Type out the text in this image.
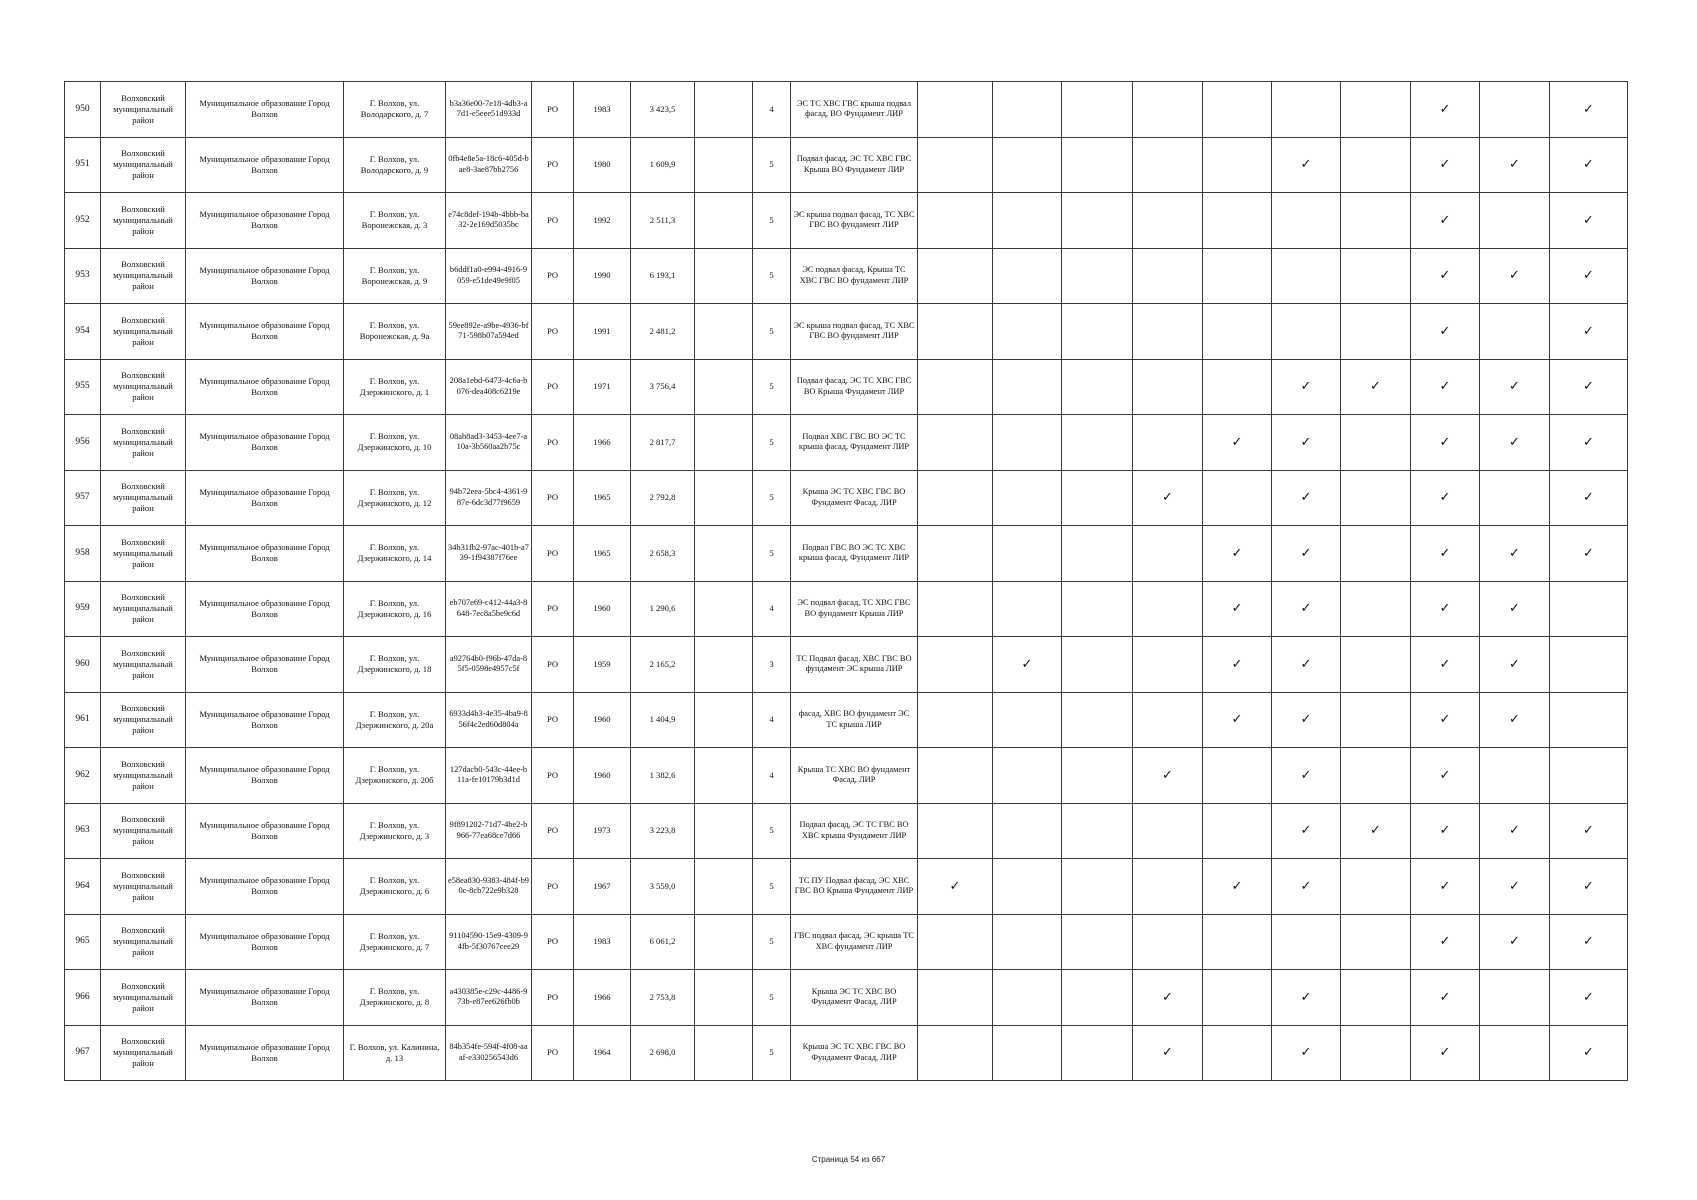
950	Волховский муниципальный район	Муниципальное образование Город Волхов	Г. Волхов, ул. Володарского, д. 7	b3a36e00-7e18-4db3-a7d1-e5eee51d933d	РО	1983	3 423,5		4	ЭС ТС ХВС ГВС крыша подвал фасад, ВО Фундамент ЛИР								✓		✓
951	Волховский муниципальный район	Муниципальное образование Город Волхов	Г. Волхов, ул. Володарского, д. 9	0fb4e8e5a-18c6-405d-bae8-3ae87bb2756	РО	1980	1 609,9		5	Подвал фасад, ЭС ТС ХВС ГВС Крыша ВО Фундамент ЛИР						✓		✓	✓	✓
952	Волховский муниципальный район	Муниципальное образование Город Волхов	Г. Волхов, ул. Воронежская, д. 3	e74c8def-194b-4bbb-ba32-2e169d5035bc	РО	1992	2 511,3		5	ЭС крыша подвал фасад, ТС ХВС ГВС ВО фундамент ЛИР								✓		✓
953	Волховский муниципальный район	Муниципальное образование Город Волхов	Г. Волхов, ул. Воронежская, д. 9	b6ddf1a0-e994-4916-9059-e51de49e9f05	РО	1990	6 193,1		5	ЭС подвал фасад, Крыша ТС ХВС ГВС ВО фундамент ЛИР								✓	✓	✓
954	Волховский муниципальный район	Муниципальное образование Город Волхов	Г. Волхов, ул. Воронежская, д. 9а	59ee892e-a9be-4936-bf71-598b07a594ed	РО	1991	2 481,2		5	ЭС крыша подвал фасад, ТС ХВС ГВС ВО фундамент ЛИР								✓		✓
955	Волховский муниципальный район	Муниципальное образование Город Волхов	Г. Волхов, ул. Дзержинского, д. 1	208a1ebd-6473-4c6a-b076-dea408c6219e	РО	1971	3 756,4		5	Подвал фасад, ЭС ТС ХВС ГВС ВО Крыша Фундамент ЛИР						✓	✓	✓	✓	✓
956	Волховский муниципальный район	Муниципальное образование Город Волхов	Г. Волхов, ул. Дзержинского, д. 10	08ab8ad3-3453-4ee7-a10a-3b560aa2b75c	РО	1966	2 817,7		5	Подвал ХВС ГВС ВО ЭС ТС крыша фасад, Фундамент ЛИР					✓	✓		✓	✓	✓
957	Волховский муниципальный район	Муниципальное образование Город Волхов	Г. Волхов, ул. Дзержинского, д. 12	94b72eea-5bc4-4361-987e-6dc3d77f9659	РО	1965	2 792,8		5	Крыша ЭС ТС ХВС ГВС ВО Фундамент Фасад, ЛИР				✓		✓		✓		✓
958	Волховский муниципальный район	Муниципальное образование Город Волхов	Г. Волхов, ул. Дзержинского, д. 14	34b31fb2-97ac-401b-a739-1f94387f76ee	РО	1965	2 658,3		5	Подвал ГВС ВО ЭС ТС ХВС крыша фасад, Фундамент ЛИР					✓	✓		✓	✓	✓
959	Волховский муниципальный район	Муниципальное образование Город Волхов	Г. Волхов, ул. Дзержинского, д. 16	eb707e69-c412-44a3-8648-7ec8a5be9c6d	РО	1960	1 290,6		4	ЭС подвал фасад, ТС ХВС ГВС ВО фундамент Крыша ЛИР					✓	✓		✓	✓	
960	Волховский муниципальный район	Муниципальное образование Город Волхов	Г. Волхов, ул. Дзержинского, д. 18	a92764b0-f96b-47da-85f5-0598e4957c5f	РО	1959	2 165,2		3	ТС Подвал фасад, ХВС ГВС ВО фундамент ЭС крыша ЛИР		✓			✓	✓		✓	✓	
961	Волховский муниципальный район	Муниципальное образование Город Волхов	Г. Волхов, ул. Дзержинского, д. 20а	6933d4b3-4e35-4ba9-856f4c2ed60d804a	РО	1960	1 404,9		4	фасад, ХВС ВО фундамент ЭС ТС крыша ЛИР					✓	✓		✓	✓	
962	Волховский муниципальный район	Муниципальное образование Город Волхов	Г. Волхов, ул. Дзержинского, д. 20б	127dacb0-543c-44ee-b11a-fe10179b3d1d	РО	1960	1 382,6		4	Крыша ТС ХВС ВО фундамент Фасад, ЛИР				✓		✓		✓		
963	Волховский муниципальный район	Муниципальное образование Город Волхов	Г. Волхов, ул. Дзержинского, д. 3	9f891202-71d7-4be2-b966-77ea68ce7d66	РО	1973	3 223,8		5	Подвал фасад, ЭС ТС ГВС ВО ХВС крыша Фундамент ЛИР						✓	✓	✓	✓	✓
964	Волховский муниципальный район	Муниципальное образование Город Волхов	Г. Волхов, ул. Дзержинского, д. 6	e58ea830-9383-484f-b90c-8cb722e9b328	РО	1967	3 559,0		5	ТС ПУ Подвал фасад, ЭС ХВС ГВС ВО Крыша Фундамент ЛИР	✓				✓	✓		✓	✓	✓
965	Волховский муниципальный район	Муниципальное образование Город Волхов	Г. Волхов, ул. Дзержинского, д. 7	91104590-15e9-4309-94fb-5f30767cee29	РО	1983	6 061,2		5	ГВС подвал фасад, ЭС крыша ТС ХВС фундамент ЛИР								✓	✓	✓
966	Волховский муниципальный район	Муниципальное образование Город Волхов	Г. Волхов, ул. Дзержинского, д. 8	a430385e-c29c-4486-973b-e87ee626fb0b	РО	1966	2 753,8		5	Крыша ЭС ТС ХВС ВО Фундамент Фасад, ЛИР				✓		✓		✓		✓
967	Волховский муниципальный район	Муниципальное образование Город Волхов	Г. Волхов, ул. Калинина, д. 13	84b354fe-594f-4f08-aaaf-e330256543d6	РО	1964	2 698,0		5	Крыша ЭС ТС ХВС ГВС ВО Фундамент Фасад, ЛИР				✓		✓		✓		✓
Страница 54 из 667
